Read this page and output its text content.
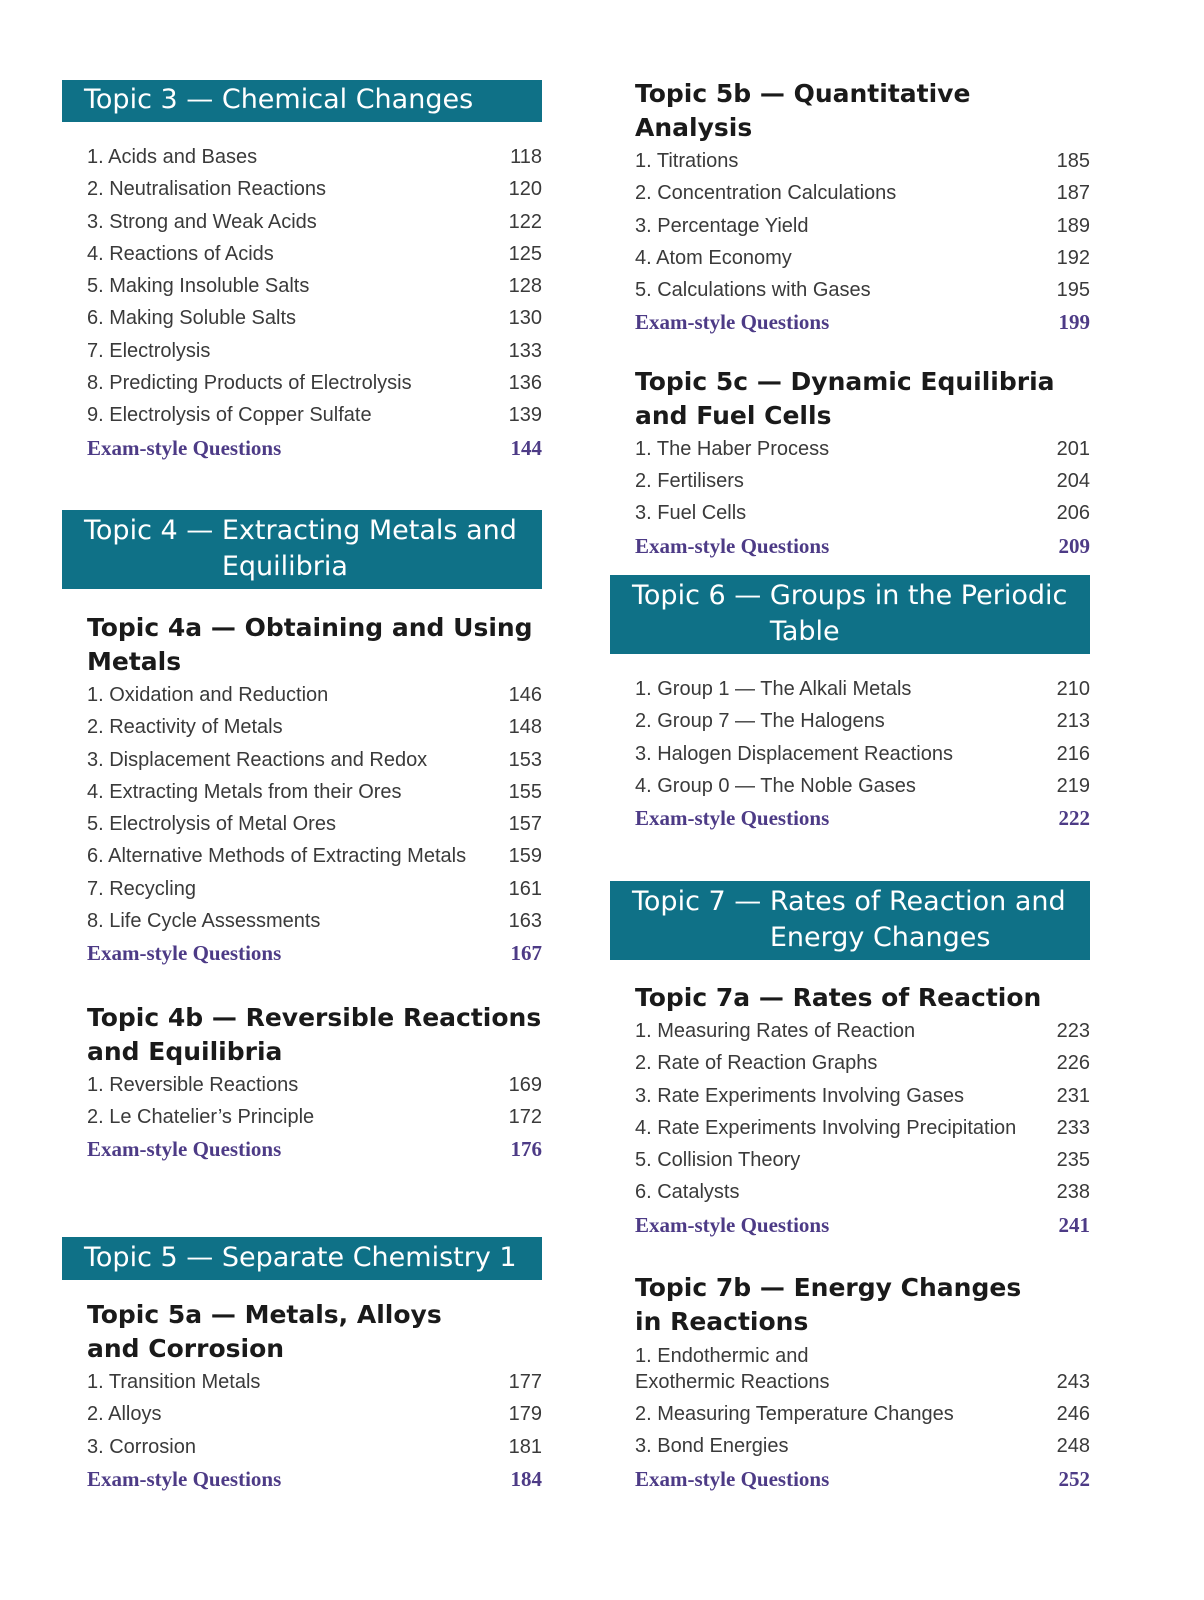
Topic 3 — Chemical Changes
1. Acids and Bases	118
2. Neutralisation Reactions	120
3. Strong and Weak Acids	122
4. Reactions of Acids	125
5. Making Insoluble Salts	128
6. Making Soluble Salts	130
7. Electrolysis	133
8. Predicting Products of Electrolysis	136
9. Electrolysis of Copper Sulfate	139
Exam-style Questions	144
Topic 4 — Extracting Metals and Equilibria
Topic 4a — Obtaining and Using Metals
1. Oxidation and Reduction	146
2. Reactivity of Metals	148
3. Displacement Reactions and Redox	153
4. Extracting Metals from their Ores	155
5. Electrolysis of Metal Ores	157
6. Alternative Methods of Extracting Metals	159
7. Recycling	161
8. Life Cycle Assessments	163
Exam-style Questions	167
Topic 4b — Reversible Reactions and Equilibria
1. Reversible Reactions	169
2. Le Chatelier’s Principle	172
Exam-style Questions	176
Topic 5 — Separate Chemistry 1
Topic 5a — Metals, Alloys
and Corrosion
1. Transition Metals	177
2. Alloys	179
3. Corrosion	181
Exam-style Questions	184
Topic 5b — Quantitative Analysis
1. Titrations	185
2. Concentration Calculations	187
3. Percentage Yield	189
4. Atom Economy	192
5. Calculations with Gases	195
Exam-style Questions	199
Topic 5c — Dynamic Equilibria and Fuel Cells
1. The Haber Process	201
2. Fertilisers	204
3. Fuel Cells	206
Exam-style Questions	209
Topic 6 — Groups in the Periodic Table
1. Group 1 — The Alkali Metals	210
2. Group 7 — The Halogens	213
3. Halogen Displacement Reactions	216
4. Group 0 — The Noble Gases	219
Exam-style Questions	222
Topic 7 — Rates of Reaction and Energy Changes
Topic 7a — Rates of Reaction
1. Measuring Rates of Reaction	223
2. Rate of Reaction Graphs	226
3. Rate Experiments Involving Gases	231
4. Rate Experiments Involving Precipitation	233
5. Collision Theory	235
6. Catalysts	238
Exam-style Questions	241
Topic 7b — Energy Changes
in Reactions
1. Endothermic and
Exothermic Reactions	243
2. Measuring Temperature Changes	246
3. Bond Energies	248
Exam-style Questions	252
